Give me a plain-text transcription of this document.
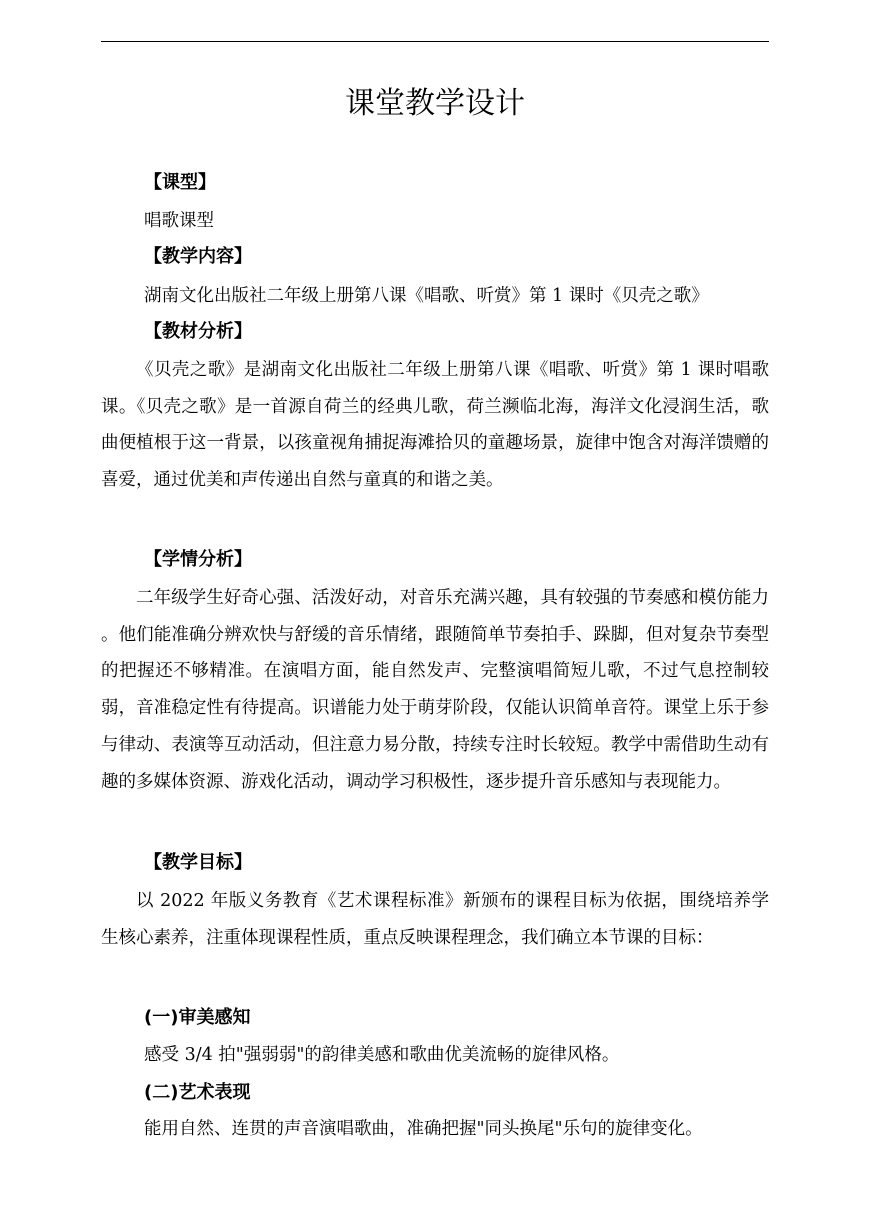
课堂教学设计
【课型】
唱歌课型
【教学内容】
湖南文化出版社二年级上册第八课《唱歌、听赏》第 1 课时《贝壳之歌》
【教材分析】

《贝壳之歌》是湖南文化出版社二年级上册第八课《唱歌、听赏》第 1 课时唱歌课。《贝壳之歌》是一首源自荷兰的经典儿歌，荷兰濒临北海，海洋文化浸润生活，歌曲便植根于这一背景，以孩童视角捕捉海滩拾贝的童趣场景，旋律中饱含对海洋馈赠的喜爱，通过优美和声传递出自然与童真的和谐之美。

【学情分析】

二年级学生好奇心强、活泼好动，对音乐充满兴趣，具有较强的节奏感和模仿能力 。他们能准确分辨欢快与舒缓的音乐情绪，跟随简单节奏拍手、跺脚，但对复杂节奏型的把握还不够精准。在演唱方面，能自然发声、完整演唱简短儿歌，不过气息控制较弱，音准稳定性有待提高。识谱能力处于萌芽阶段，仅能认识简单音符。课堂上乐于参与律动、表演等互动活动，但注意力易分散，持续专注时长较短。教学中需借助生动有趣的多媒体资源、游戏化活动，调动学习积极性，逐步提升音乐感知与表现能力。

【教学目标】

以 2022 年版义务教育《艺术课程标准》新颁布的课程目标为依据，围绕培养学生核心素养，注重体现课程性质，重点反映课程理念，我们确立本节课的目标：

(一)审美感知
感受 3/4 拍"强弱弱"的韵律美感和歌曲优美流畅的旋律风格。
(二)艺术表现
能用自然、连贯的声音演唱歌曲，准确把握"同头换尾"乐句的旋律变化。
